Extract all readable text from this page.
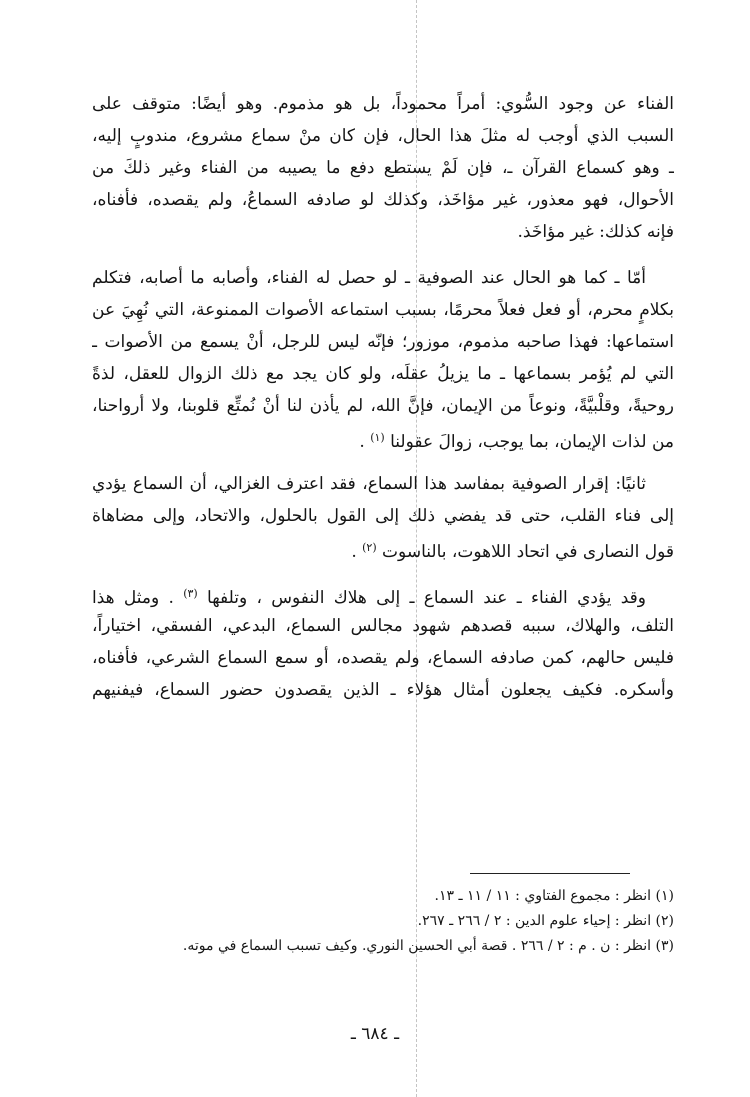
الفناء عن وجود السُّوي: أمراً محموداً، بل هو مذموم. وهو أيضًا: متوقف على
السبب الذي أوجب له مثلَ هذا الحال، فإن كان منْ سماع مشروع، مندوبٍ إليه،
ـ وهو كسماع القرآن ـ، فإن لَمْ يستطع دفع ما يصيبه من الفناء وغير ذلكَ من
الأحوال، فهو معذور، غير مؤاخَذ، وكذلك لو صادفه السماعُ، ولم يقصده، فأفناه،
فإنه كذلك: غير مؤاخَذ.
أمّا ـ كما هو الحال عند الصوفية ـ لو حصل له الفناء، وأصابه ما أصابه، فتكلم
بكلامٍ محرم، أو فعل فعلاً محرمًا، بسبب استماعه الأصوات الممنوعة، التي نُهِيَ عن
استماعها: فهذا صاحبه مذموم، موزور؛ فإنّه ليس للرجل، أنْ يسمع من الأصوات ـ
التي لم يُؤمر بسماعها ـ ما يزيلُ عقلَه، ولو كان يجد مع ذلك الزوال للعقل، لذةً
روحيةً، وقلْبيَّةً، ونوعاً من الإيمان، فإنَّ الله، لم يأذن لنا أنْ نُمتِّع قلوبنا، ولا أرواحنا،
من لذات الإيمان، بما يوجب، زوالَ عقولنا $^{(١)}$ .
ثانيًا: إقرار الصوفية بمفاسد هذا السماع، فقد اعترف الغزالي، أن السماع يؤدي
إلى فناء القلب، حتى قد يفضي ذلك إلى القول بالحلول، والاتحاد، وإلى مضاهاة
قول النصارى في اتحاد اللاهوت، بالناسوت $^{(٢)}$ .
وقد يؤدي الفناء ـ عند السماع ـ إلى هلاك النفوس ، وتلفها $^{(٣)}$ . ومثل هذا
التلف، والهلاك، سببه قصدهم شهود مجالس السماع، البدعي، الفسقي، اختياراً،
فليس حالهم، كمن صادفه السماع، ولم يقصده، أو سمع السماع الشرعي، فأفناه،
وأسكره. فكيف يجعلون أمثال هؤلاء ـ الذين يقصدون حضور السماع، فيفنيهم
(١) انظر : مجموع الفتاوي : ١١ / ١١ ـ ١٣.
(٢) انظر : إحياء علوم الدين : ٢ / ٢٦٦ ـ ٢٦٧.
(٣) انظر : ن . م : ٢ / ٢٦٦ . قصة أبي الحسين النوري. وكيف تسبب السماع في موته.
ـ ٦٨٤ ـ
